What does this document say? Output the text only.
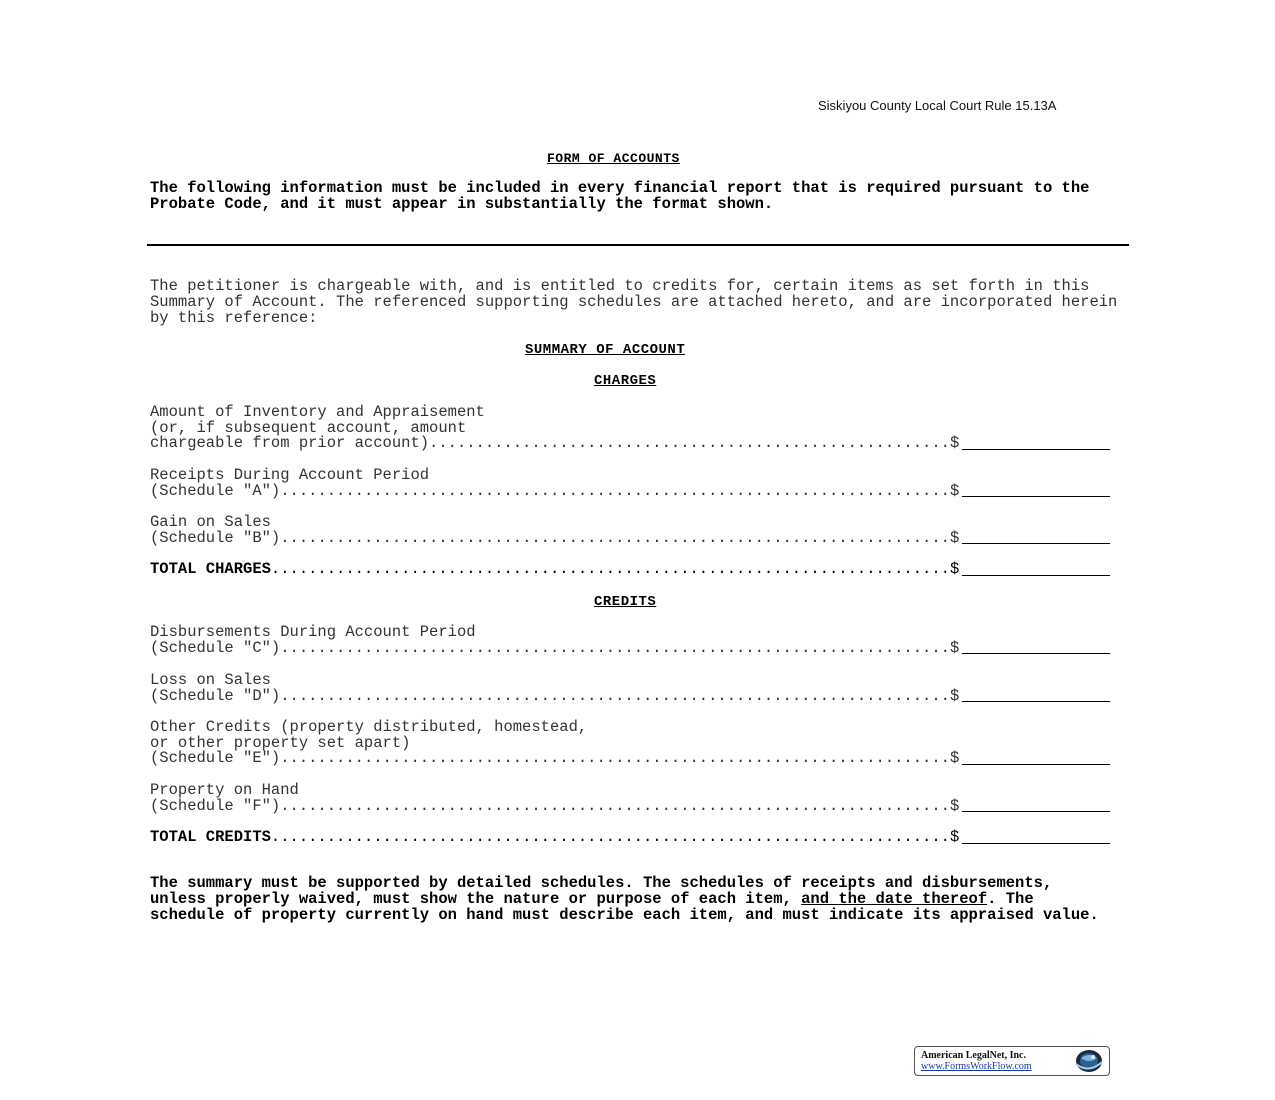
Siskiyou County Local Court Rule 15.13A
FORM OF ACCOUNTS
The following information must be included in every financial report that is required pursuant to the Probate Code, and it must appear in substantially the format shown.
The petitioner is chargeable with, and is entitled to credits for, certain items as set forth in this Summary of Account. The referenced supporting schedules are attached hereto, and are incorporated herein by this reference:
SUMMARY OF ACCOUNT
CHARGES
Amount of Inventory and Appraisement
(or, if subsequent account, amount
chargeable from prior account) .....	$
Receipts During Account Period
(Schedule "A") .....	$
Gain on Sales
(Schedule "B") .....	$
TOTAL CHARGES .....	$
CREDITS
Disbursements During Account Period
(Schedule "C") .....	$
Loss on Sales
(Schedule "D") .....	$
Other Credits (property distributed, homestead,
or other property set apart)
(Schedule "E") .....	$
Property on Hand
(Schedule "F") .....	$
TOTAL CREDITS .....	$
The summary must be supported by detailed schedules. The schedules of receipts and disbursements, unless properly waived, must show the nature or purpose of each item, and the date thereof. The schedule of property currently on hand must describe each item, and must indicate its appraised value.
American LegalNet, Inc.
www.FormsWorkFlow.com
